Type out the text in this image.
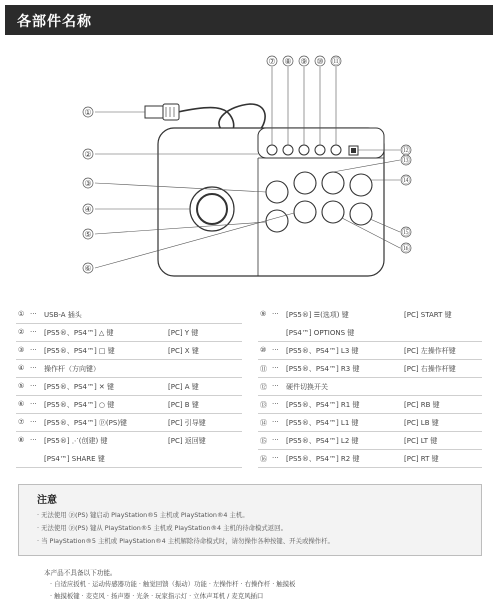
各部件名称
①
②
③
④
⑤
⑥
⑦ ⑧ ⑨ ⑩ ⑪
⑫
⑬
⑭
⑮
⑯
① ··· USB-A 插头
② ··· [PS5®、PS4™] △ 键	[PC] Y 键
③ ··· [PS5®、PS4™] □ 键	[PC] X 键
④ ··· 操作杆（方向键）
⑤ ··· [PS5®、PS4™] ✕ 键	[PC] A 键
⑥ ··· [PS5®、PS4™] ○ 键	[PC] B 键
⑦ ··· [PS5®、PS4™] ⓟ(PS)键	[PC] 引导键
⑧ ··· [PS5®] ⋰(创建) 键	[PC] 返回键
[PS4™] SHARE 键
⑨ ··· [PS5®] ☰(选项) 键	[PC] START 键
[PS4™] OPTIONS 键
⑩ ··· [PS5®、PS4™] L3 键	[PC] 左操作杆键
⑪ ··· [PS5®、PS4™] R3 键	[PC] 右操作杆键
⑫ ··· 硬件切换开关
⑬ ··· [PS5®、PS4™] R1 键	[PC] RB 键
⑭ ··· [PS5®、PS4™] L1 键	[PC] LB 键
⑮ ··· [PS5®、PS4™] L2 键	[PC] LT 键
⑯ ··· [PS5®、PS4™] R2 键	[PC] RT 键
注意
· 无法使用 ⓟ(PS) 键启动 PlayStation®5 主机或 PlayStation®4 主机。
· 无法使用 ⓟ(PS) 键从 PlayStation®5 主机或 PlayStation®4 主机的待命模式返回。
· 当 PlayStation®5 主机或 PlayStation®4 主机解除待命模式时，请勿操作各种按键、开关或操作杆。
本产品不具备以下功能。
· 自适应扳机 · 运动传感器功能 · 触觉回馈（振动）功能 · 左操作杆 · 右操作杆 · 触摸板
· 触摸板键 · 麦克风 · 扬声器 · 光条 · 玩家指示灯 · 立体声耳机 / 麦克风插口
